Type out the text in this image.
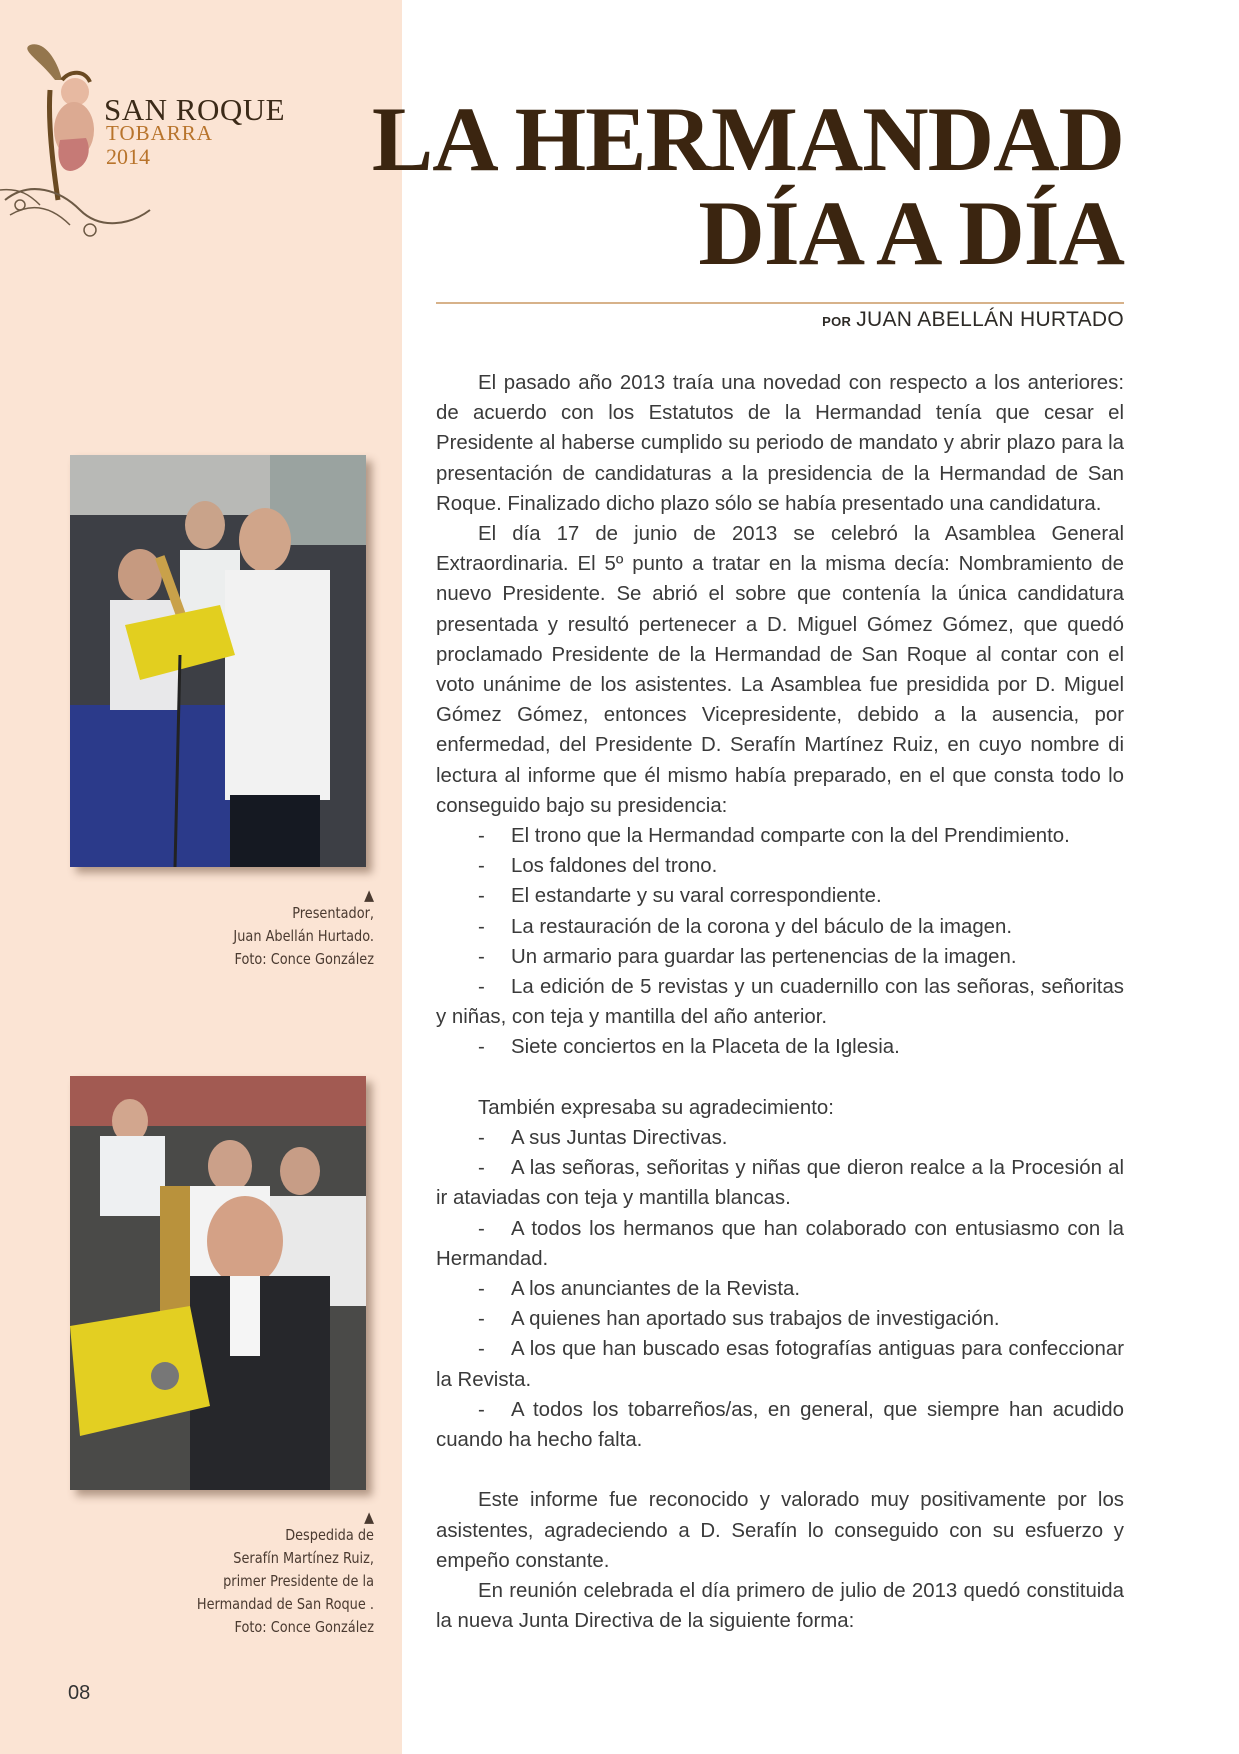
SAN ROQUE
TOBARRA
2014
▲
Presentador,
Juan Abellán Hurtado.
Foto: Conce González
▲
Despedida de
Serafín Martínez Ruiz,
primer Presidente de la
Hermandad de San Roque .
Foto: Conce González
08
LA HERMANDAD
DÍA A DÍA
POR JUAN ABELLÁN HURTADO

El pasado año 2013 traía una novedad con respecto a los anteriores: de acuerdo con los Estatutos de la Hermandad tenía que cesar el Presidente al haberse cumplido su periodo de mandato y abrir plazo para la presentación de candidaturas a la presidencia de la Hermandad de San Roque. Finalizado dicho plazo sólo se había presentado una candidatura.

El día 17 de junio de 2013 se celebró la Asamblea General Extraordinaria. El 5º punto a tratar en la misma decía: Nombramiento de nuevo Presidente. Se abrió el sobre que contenía la única candidatura presentada y resultó pertenecer a D. Miguel Gómez Gómez, que quedó proclamado Presidente de la Hermandad de San Roque al contar con el voto unánime de los asistentes. La Asamblea fue presidida por D. Miguel Gómez Gómez, entonces Vicepresidente, debido a la ausencia, por enfermedad, del Presidente D. Serafín Martínez Ruiz, en cuyo nombre di lectura al informe que él mismo había preparado, en el que consta todo lo conseguido bajo su presidencia:

- El trono que la Hermandad comparte con la del Prendimiento.
- Los faldones del trono.
- El estandarte y su varal correspondiente.
- La restauración de la corona y del báculo de la imagen.
- Un armario para guardar las pertenencias de la imagen.
- La edición de 5 revistas y un cuadernillo con las señoras, señoritas y niñas, con teja y mantilla del año anterior.
- Siete conciertos en la Placeta de la Iglesia.

También expresaba su agradecimiento:

- A sus Juntas Directivas.
- A las señoras, señoritas y niñas que dieron realce a la Procesión al ir ataviadas con teja y mantilla blancas.
- A todos los hermanos que han colaborado con entusiasmo con la Hermandad.
- A los anunciantes de la Revista.
- A quienes han aportado sus trabajos de investigación.
- A los que han buscado esas fotografías antiguas para confeccionar la Revista.
- A todos los tobarreños/as, en general, que siempre han acudido cuando ha hecho falta.

Este informe fue reconocido y valorado muy positivamente por los asistentes, agradeciendo a D. Serafín lo conseguido con su esfuerzo y empeño constante.

En reunión celebrada el día primero de julio de 2013 quedó constituida la nueva Junta Directiva de la siguiente forma:
